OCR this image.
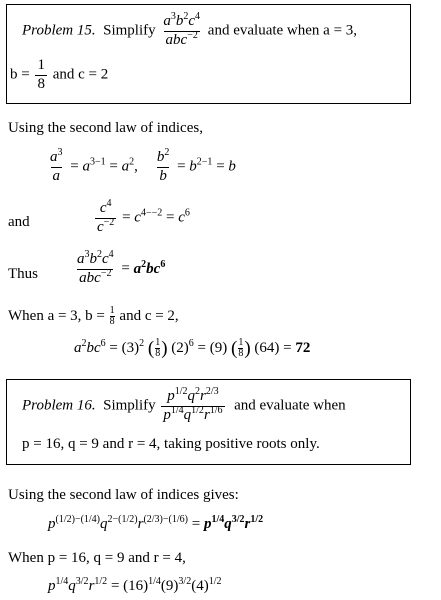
Problem 15. Simplify $\frac{a^3b^2c^4}{abc^{-2}}$ and evaluate when a = 3,
$b = \frac{1}{8}$ and c = 2
Using the second law of indices,
$\frac{a^3}{a} = a^{3-1} = a^2$, $\frac{b^2}{b} = b^{2-1} = b$
and	$\frac{c^4}{c^{-2}} = c^{4--2} = c^6$
Thus $\frac{a^3b^2c^4}{abc^{-2}} = a^2bc^6$
When a = 3, $b = \frac{1}{8}$ and c = 2,
$a^2bc^6 = (3)^2$ ( $\frac{1}{8}$ ) $(2)^6 = (9)$ ( $\frac{1}{8}$ ) (64) = 72
Problem 16. Simplify $\frac{p^{1/2}q^2r^{2/3}}{p^{1/4}q^{1/2}r^{1/6}}$ and evaluate when
p = 16, q = 9 and r = 4, taking positive roots only.
Using the second law of indices gives:
$p^{(1/2)-(1/4)}q^{2-(1/2)}r^{(2/3)-(1/6)} = p^{1/4}q^{3/2}r^{1/2}$
When p = 16, q = 9 and r = 4,
$p^{1/4}q^{3/2}r^{1/2} = (16)^{1/4}(9)^{3/2}(4)^{1/2}$
